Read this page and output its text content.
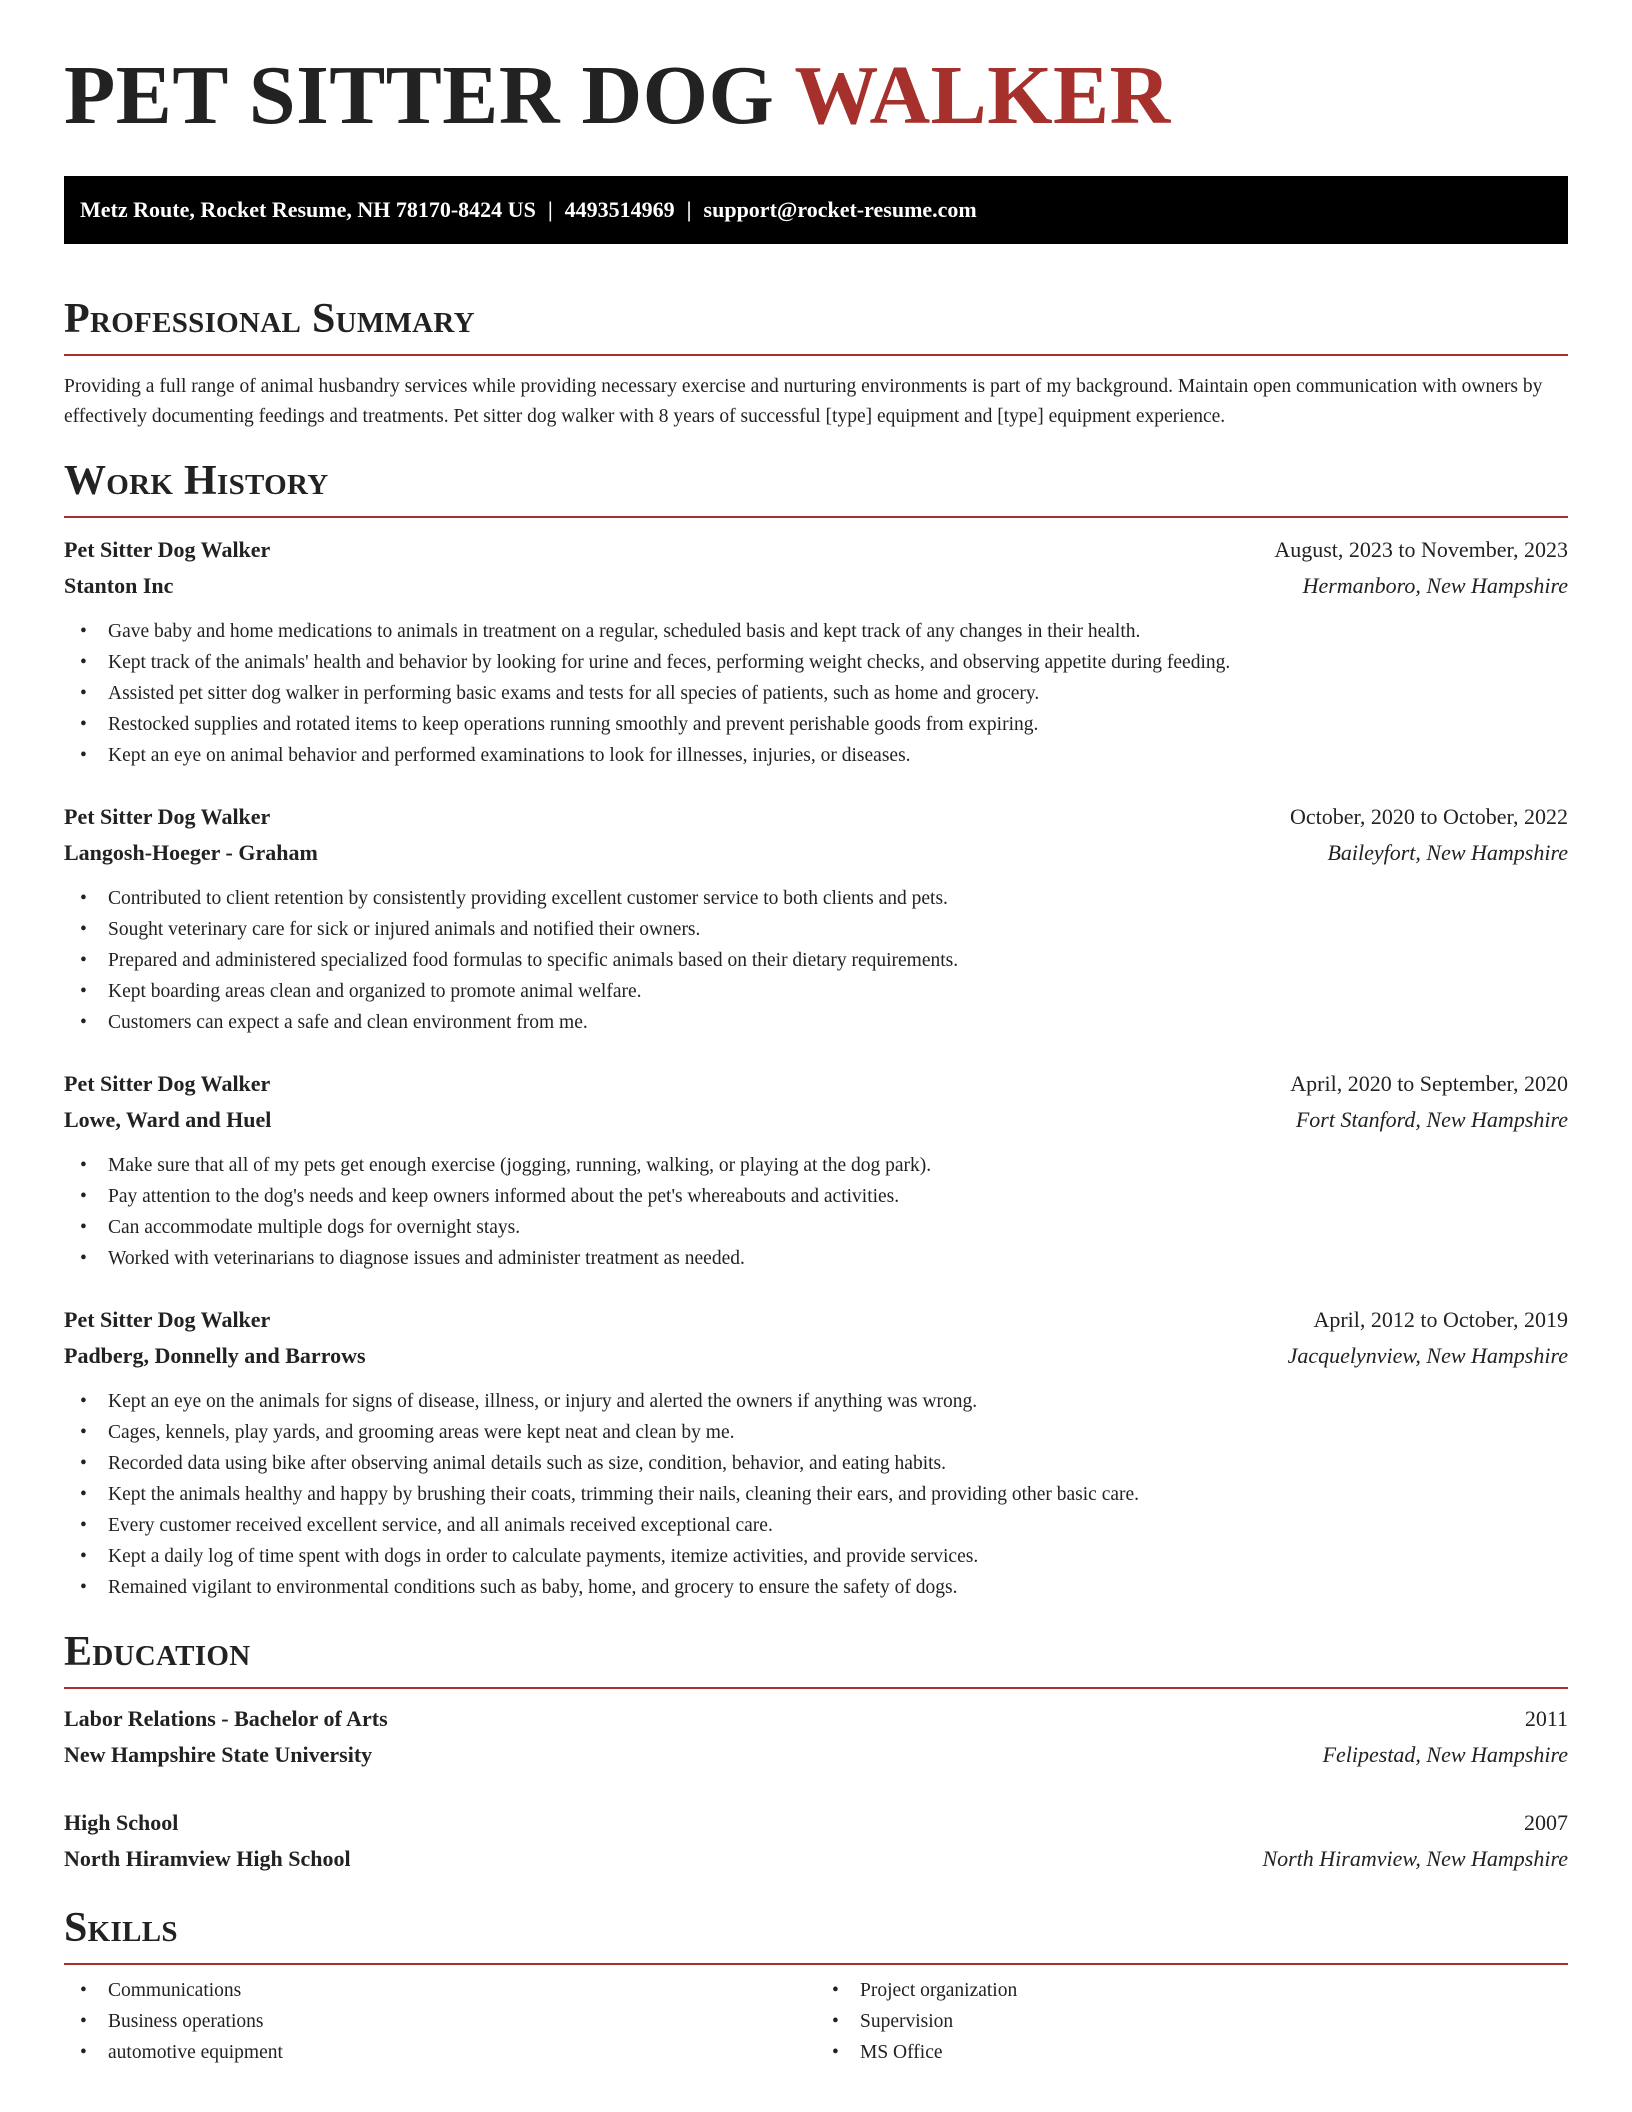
PET SITTER DOG WALKER
Metz Route, Rocket Resume, NH 78170-8424 US | 4493514969 | support@rocket-resume.com
Professional Summary

Providing a full range of animal husbandry services while providing necessary exercise and nurturing environments is part of my background. Maintain open communication with owners by effectively documenting feedings and treatments. Pet sitter dog walker with 8 years of successful [type] equipment and [type] equipment experience.

Work History
Pet Sitter Dog Walker	August, 2023 to November, 2023
Stanton Inc	Hermanboro, New Hampshire
• Gave baby and home medications to animals in treatment on a regular, scheduled basis and kept track of any changes in their health.
• Kept track of the animals' health and behavior by looking for urine and feces, performing weight checks, and observing appetite during feeding.
• Assisted pet sitter dog walker in performing basic exams and tests for all species of patients, such as home and grocery.
• Restocked supplies and rotated items to keep operations running smoothly and prevent perishable goods from expiring.
• Kept an eye on animal behavior and performed examinations to look for illnesses, injuries, or diseases.
Pet Sitter Dog Walker	October, 2020 to October, 2022
Langosh-Hoeger - Graham	Baileyfort, New Hampshire
• Contributed to client retention by consistently providing excellent customer service to both clients and pets.
• Sought veterinary care for sick or injured animals and notified their owners.
• Prepared and administered specialized food formulas to specific animals based on their dietary requirements.
• Kept boarding areas clean and organized to promote animal welfare.
• Customers can expect a safe and clean environment from me.
Pet Sitter Dog Walker	April, 2020 to September, 2020
Lowe, Ward and Huel	Fort Stanford, New Hampshire
• Make sure that all of my pets get enough exercise (jogging, running, walking, or playing at the dog park).
• Pay attention to the dog's needs and keep owners informed about the pet's whereabouts and activities.
• Can accommodate multiple dogs for overnight stays.
• Worked with veterinarians to diagnose issues and administer treatment as needed.
Pet Sitter Dog Walker	April, 2012 to October, 2019
Padberg, Donnelly and Barrows	Jacquelynview, New Hampshire
• Kept an eye on the animals for signs of disease, illness, or injury and alerted the owners if anything was wrong.
• Cages, kennels, play yards, and grooming areas were kept neat and clean by me.
• Recorded data using bike after observing animal details such as size, condition, behavior, and eating habits.
• Kept the animals healthy and happy by brushing their coats, trimming their nails, cleaning their ears, and providing other basic care.
• Every customer received excellent service, and all animals received exceptional care.
• Kept a daily log of time spent with dogs in order to calculate payments, itemize activities, and provide services.
• Remained vigilant to environmental conditions such as baby, home, and grocery to ensure the safety of dogs.
Education
Labor Relations - Bachelor of Arts	2011
New Hampshire State University	Felipestad, New Hampshire
High School	2007
North Hiramview High School	North Hiramview, New Hampshire
Skills
• Communications
• Business operations
• automotive equipment
• Project organization
• Supervision
• MS Office
